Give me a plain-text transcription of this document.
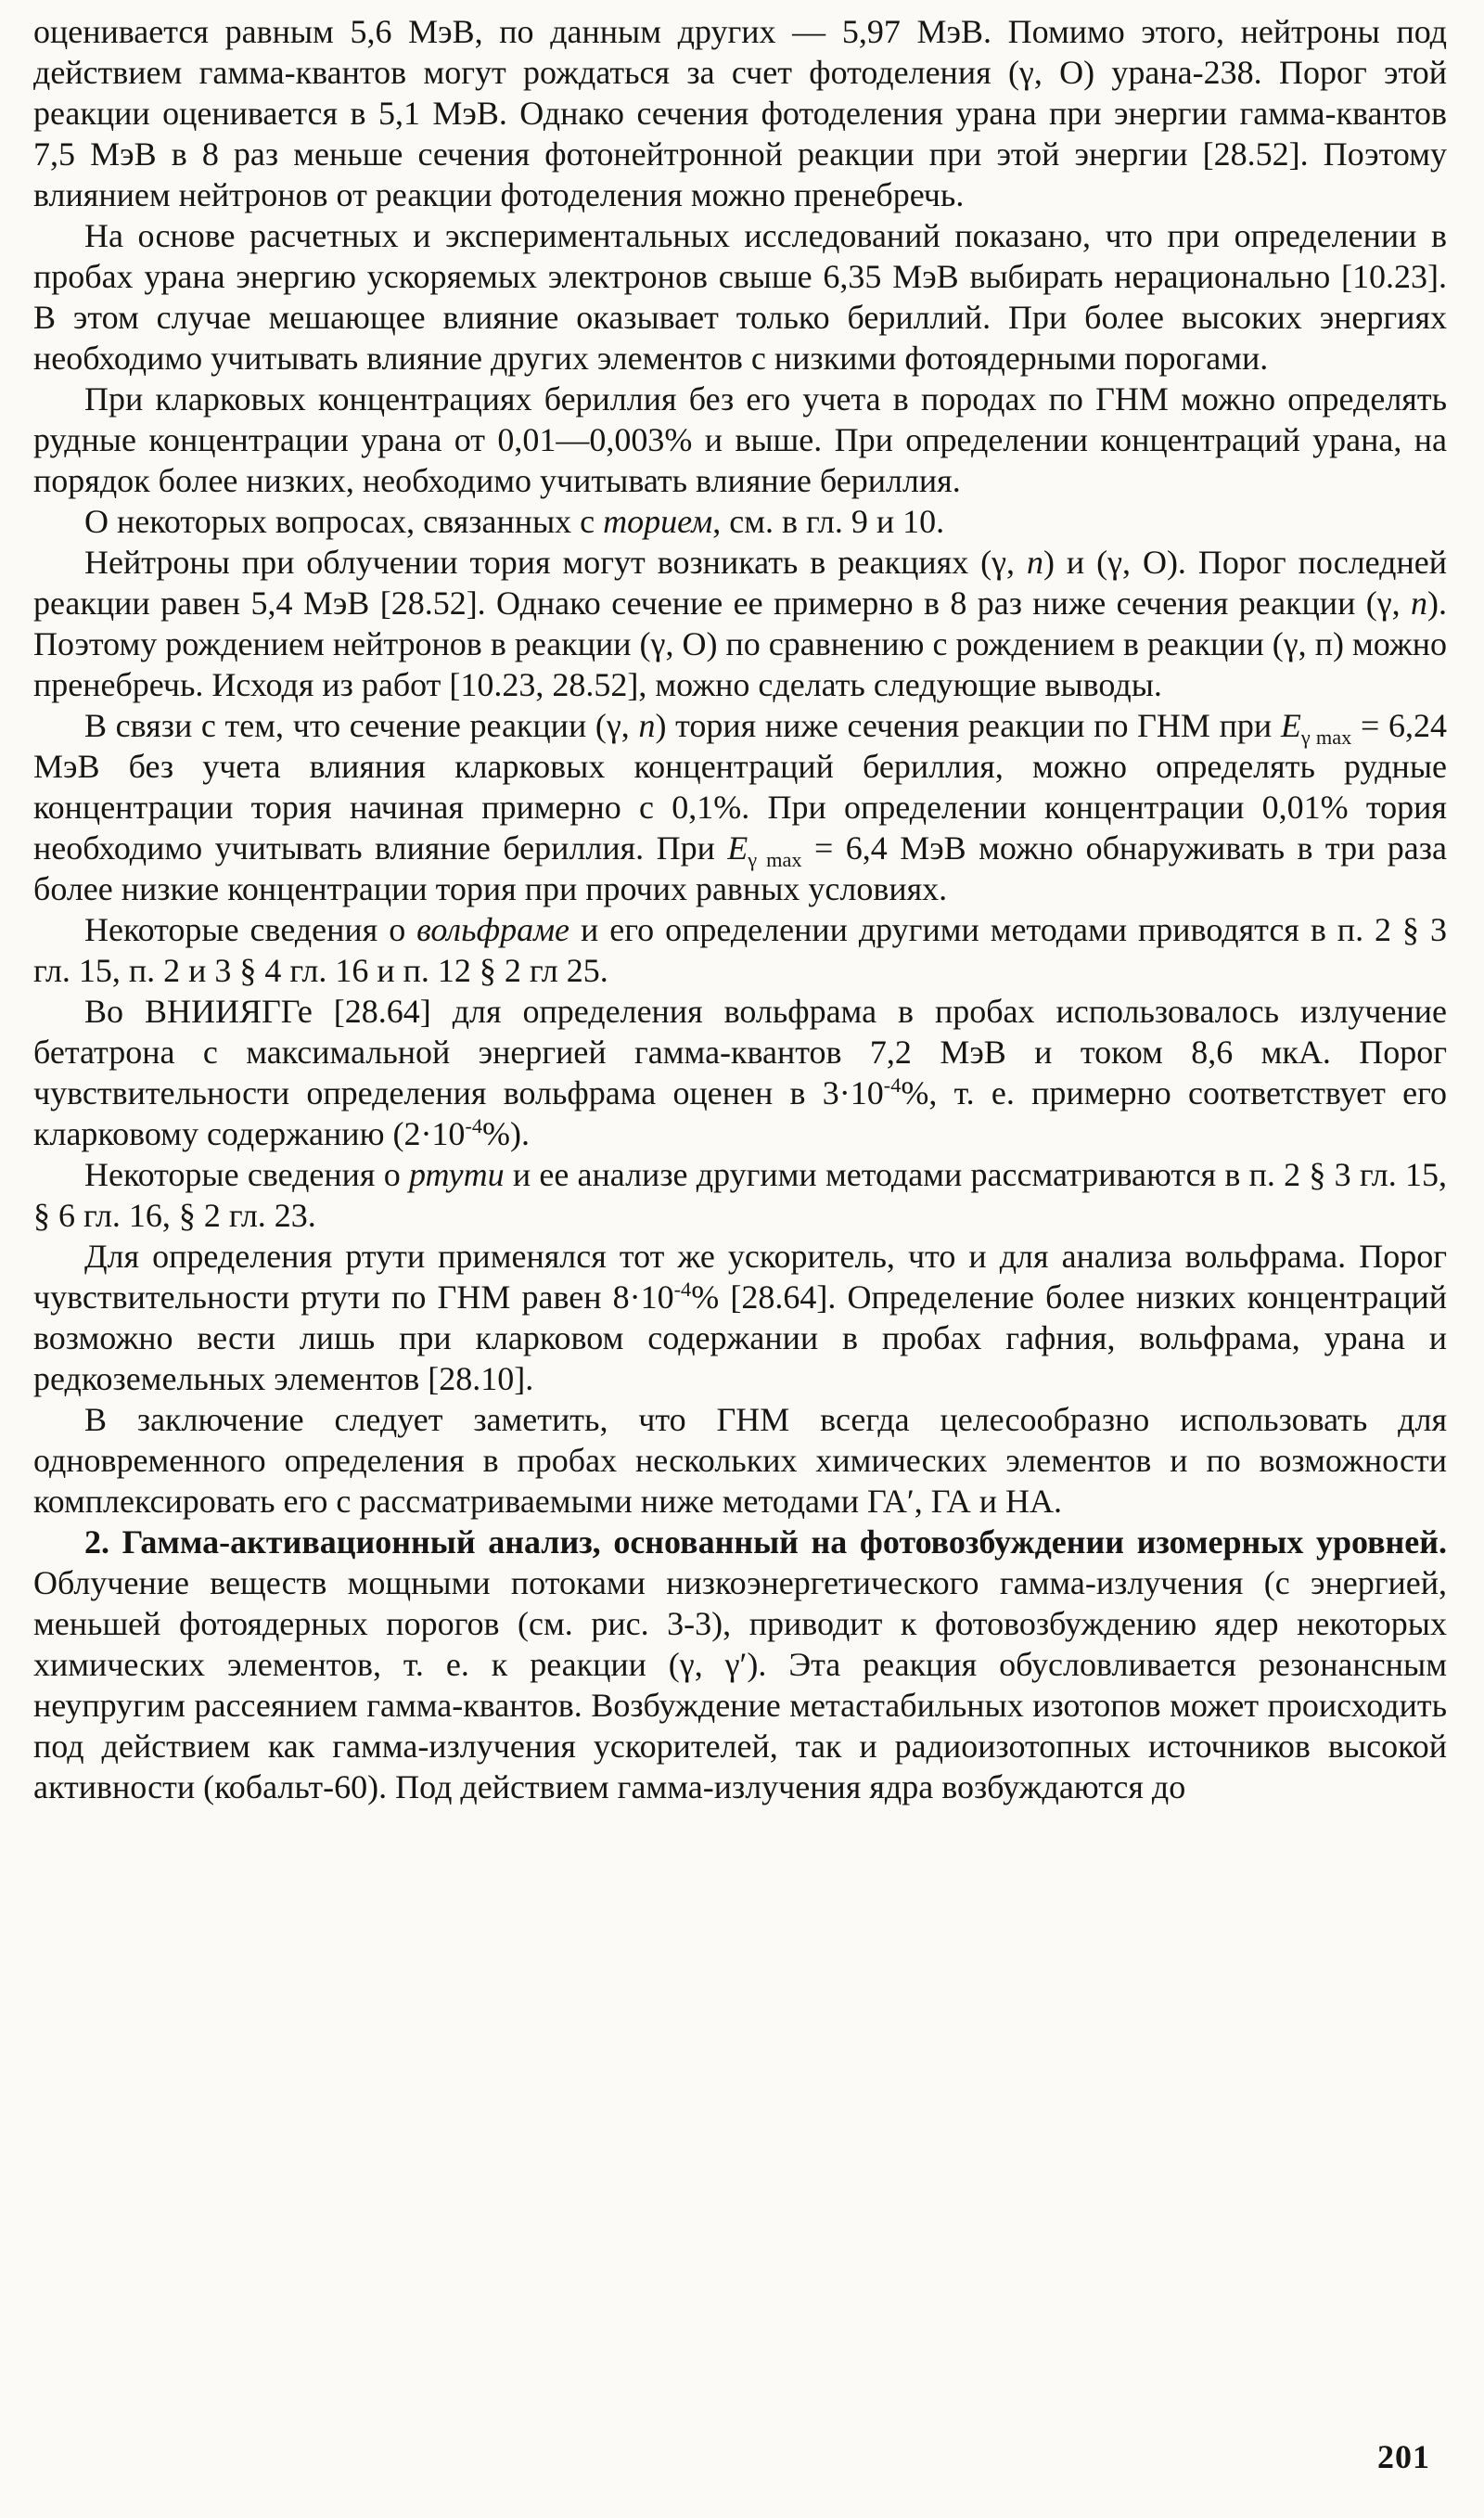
оценивается равным 5,6 МэВ, по данным других — 5,97 МэВ. Помимо этого, нейтроны под действием гамма-квантов могут рождаться за счет фотоделения (γ, О) урана-238. Порог этой реакции оценивается в 5,1 МэВ. Однако сечения фотоделения урана при энергии гамма-квантов 7,5 МэВ в 8 раз меньше сечения фотонейтронной реакции при этой энергии [28.52]. Поэтому влиянием нейтронов от реакции фотоделения можно пренебречь.

На основе расчетных и экспериментальных исследований показано, что при определении в пробах урана энергию ускоряемых электронов свыше 6,35 МэВ выбирать нерационально [10.23]. В этом случае мешающее влияние оказывает только бериллий. При более высоких энергиях необходимо учитывать влияние других элементов с низкими фотоядерными порогами.

При кларковых концентрациях бериллия без его учета в породах по ГНМ можно определять рудные концентрации урана от 0,01—0,003% и выше. При определении концентраций урана, на порядок более низких, необходимо учитывать влияние бериллия.

О некоторых вопросах, связанных с торием, см. в гл. 9 и 10.

Нейтроны при облучении тория могут возникать в реакциях (γ, n) и (γ, О). Порог последней реакции равен 5,4 МэВ [28.52]. Однако сечение ее примерно в 8 раз ниже сечения реакции (γ, n). Поэтому рождением нейтронов в реакции (γ, О) по сравнению с рождением в реакции (γ, п) можно пренебречь. Исходя из работ [10.23, 28.52], можно сделать следующие выводы.

В связи с тем, что сечение реакции (γ, n) тория ниже сечения реакции по ГНМ при $E_{\gamma max} = 6,24$ МэВ без учета влияния кларковых концентраций бериллия, можно определять рудные концентрации тория начиная примерно с 0,1%. При определении концентрации 0,01% тория необходимо учитывать влияние бериллия. При $E_{\gamma max} = 6,4$ МэВ можно обнаруживать в три раза более низкие концентрации тория при прочих равных условиях.

Некоторые сведения о вольфраме и его определении другими методами приводятся в п. 2 § 3 гл. 15, п. 2 и 3 § 4 гл. 16 и п. 12 § 2 гл 25.

Во ВНИИЯГГе [28.64] для определения вольфрама в пробах использовалось излучение бетатрона с максимальной энергией гамма-квантов 7,2 МэВ и током 8,6 мкА. Порог чувствительности определения вольфрама оценен в $3\cdot 10^{-4}\%$, т. е. примерно соответствует его кларковому содержанию $(2\cdot 10^{-4}\%)$.

Некоторые сведения о ртути и ее анализе другими методами рассматриваются в п. 2 § 3 гл. 15, § 6 гл. 16, § 2 гл. 23.

Для определения ртути применялся тот же ускоритель, что и для анализа вольфрама. Порог чувствительности ртути по ГНМ равен $8\cdot 10^{-4}\%$ [28.64]. Определение более низких концентраций возможно вести лишь при кларковом содержании в пробах гафния, вольфрама, урана и редкоземельных элементов [28.10].

В заключение следует заметить, что ГНМ всегда целесообразно использовать для одновременного определения в пробах нескольких химических элементов и по возможности комплексировать его с рассматриваемыми ниже методами ГА′, ГА и НА.

2. Гамма-активационный анализ, основанный на фотовозбуждении изомерных уровней. Облучение веществ мощными потоками низкоэнергетического гамма-излучения (с энергией, меньшей фотоядерных порогов (см. рис. 3-3), приводит к фотовозбуждению ядер некоторых химических элементов, т. е. к реакции (γ, γ′). Эта реакция обусловливается резонансным неупругим рассеянием гамма-квантов. Возбуждение метастабильных изотопов может происходить под действием как гамма-излучения ускорителей, так и радиоизотопных источников высокой активности (кобальт-60). Под действием гамма-излучения ядра возбуждаются до

201
